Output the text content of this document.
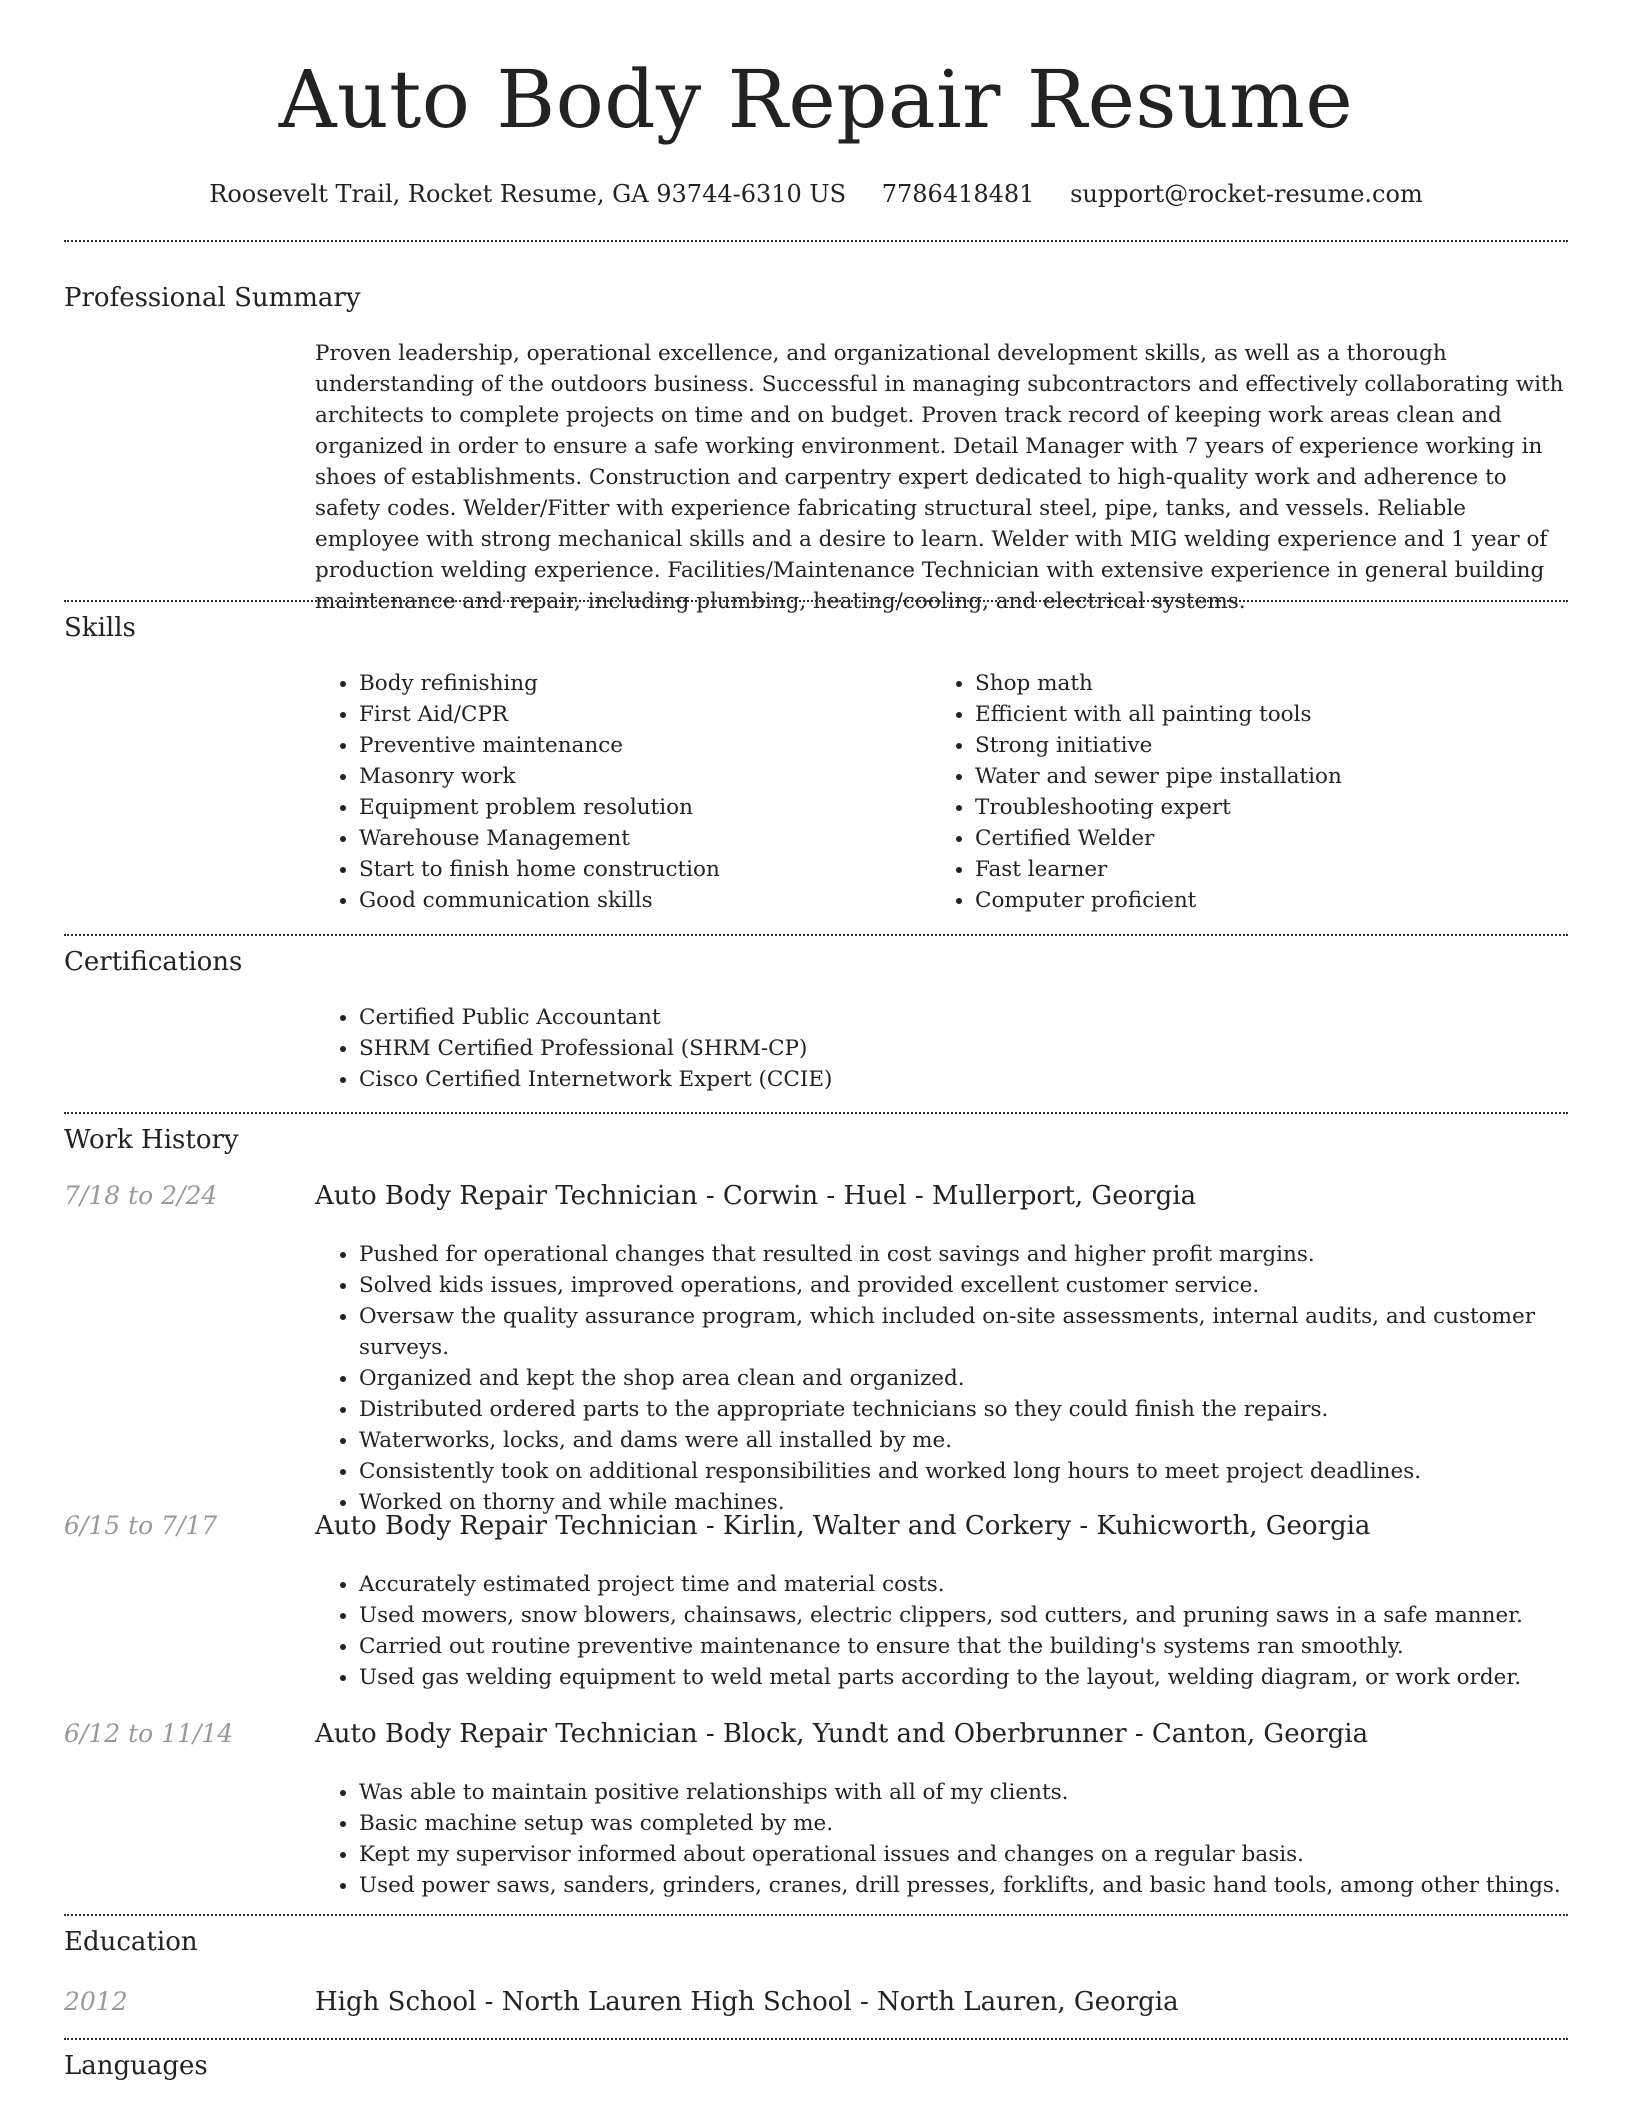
Auto Body Repair Resume
Roosevelt Trail, Rocket Resume, GA 93744-6310 US 7786418481 support@rocket-resume.com
Professional Summary
Proven leadership, operational excellence, and organizational development skills, as well as a thorough understanding of the outdoors business. Successful in managing subcontractors and effectively collaborating with architects to complete projects on time and on budget. Proven track record of keeping work areas clean and organized in order to ensure a safe working environment. Detail Manager with 7 years of experience working in shoes of establishments. Construction and carpentry expert dedicated to high-quality work and adherence to safety codes. Welder/Fitter with experience fabricating structural steel, pipe, tanks, and vessels. Reliable employee with strong mechanical skills and a desire to learn. Welder with MIG welding experience and 1 year of production welding experience. Facilities/Maintenance Technician with extensive experience in general building maintenance and repair, including plumbing, heating/cooling, and electrical systems.
Skills
• Body refinishing
• First Aid/CPR
• Preventive maintenance
• Masonry work
• Equipment problem resolution
• Warehouse Management
• Start to finish home construction
• Good communication skills
• Shop math
• Efficient with all painting tools
• Strong initiative
• Water and sewer pipe installation
• Troubleshooting expert
• Certified Welder
• Fast learner
• Computer proficient
Certifications
• Certified Public Accountant
• SHRM Certified Professional (SHRM-CP)
• Cisco Certified Internetwork Expert (CCIE)
Work History
7/18 to 2/24	Auto Body Repair Technician - Corwin - Huel - Mullerport, Georgia
• Pushed for operational changes that resulted in cost savings and higher profit margins.
• Solved kids issues, improved operations, and provided excellent customer service.
• Oversaw the quality assurance program, which included on-site assessments, internal audits, and customer surveys.
• Organized and kept the shop area clean and organized.
• Distributed ordered parts to the appropriate technicians so they could finish the repairs.
• Waterworks, locks, and dams were all installed by me.
• Consistently took on additional responsibilities and worked long hours to meet project deadlines.
• Worked on thorny and while machines.
6/15 to 7/17	Auto Body Repair Technician - Kirlin, Walter and Corkery - Kuhicworth, Georgia
• Accurately estimated project time and material costs.
• Used mowers, snow blowers, chainsaws, electric clippers, sod cutters, and pruning saws in a safe manner.
• Carried out routine preventive maintenance to ensure that the building's systems ran smoothly.
• Used gas welding equipment to weld metal parts according to the layout, welding diagram, or work order.
6/12 to 11/14	Auto Body Repair Technician - Block, Yundt and Oberbrunner - Canton, Georgia
• Was able to maintain positive relationships with all of my clients.
• Basic machine setup was completed by me.
• Kept my supervisor informed about operational issues and changes on a regular basis.
• Used power saws, sanders, grinders, cranes, drill presses, forklifts, and basic hand tools, among other things.
Education
2012	High School - North Lauren High School - North Lauren, Georgia
Languages
